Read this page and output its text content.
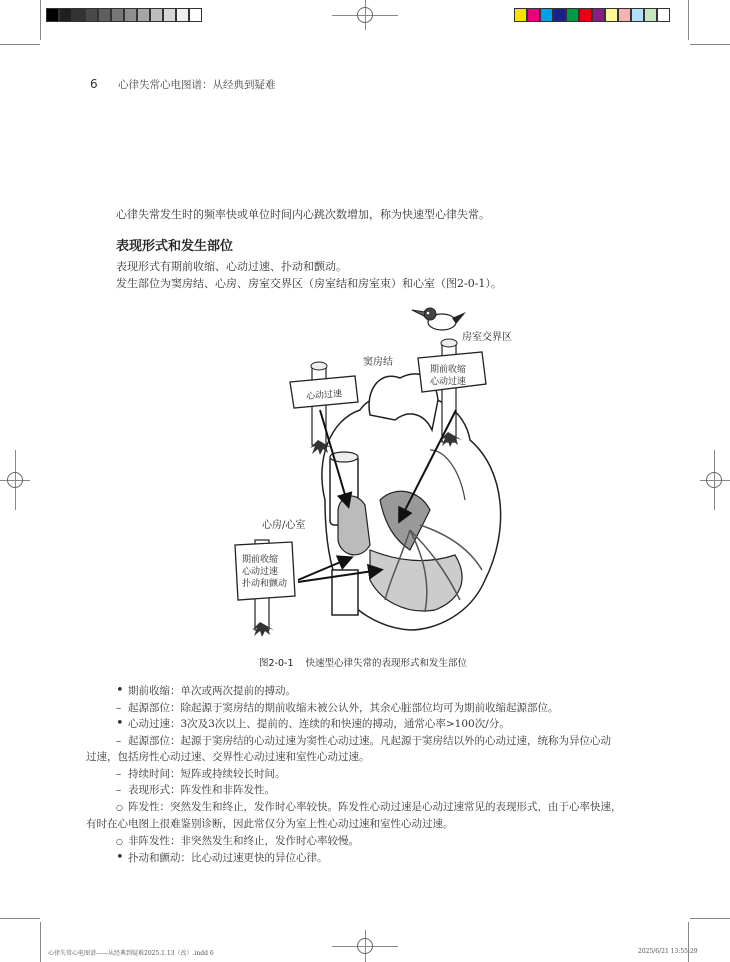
6 心律失常心电图谱：从经典到疑难

心律失常发生时的频率快或单位时间内心跳次数增加，称为快速型心律失常。

表现形式和发生部位

表现形式有期前收缩、心动过速、扑动和颤动。

发生部位为窦房结、心房、房室交界区（房室结和房室束）和心室（图2-0-1）。

窦房结
心动过速
房室交界区
期前收缩
心动过速
心房/心室
期前收缩
心动过速
扑动和颤动
图2-0-1 快速型心律失常的表现形式和发生部位
•期前收缩：单次或两次提前的搏动。
–起源部位：除起源于窦房结的期前收缩未被公认外，其余心脏部位均可为期前收缩起源部位。
•心动过速：3次及3次以上、提前的、连续的和快速的搏动，通常心率>100次/分。
–起源部位：起源于窦房结的心动过速为窦性心动过速。凡起源于窦房结以外的心动过速，统称为异位心动
过速，包括房性心动过速、交界性心动过速和室性心动过速。
–持续时间：短阵或持续较长时间。
–表现形式：阵发性和非阵发性。
○阵发性：突然发生和终止，发作时心率较快。阵发性心动过速是心动过速常见的表现形式，由于心率快速，
有时在心电图上很难鉴别诊断，因此常仅分为室上性心动过速和室性心动过速。
○非阵发性：非突然发生和终止，发作时心率较慢。
•扑动和颤动：比心动过速更快的异位心律。
心律失常心电图谱——从经典到疑难2025.1.13（改）.indd 6	2025/6/21 13:55:29
